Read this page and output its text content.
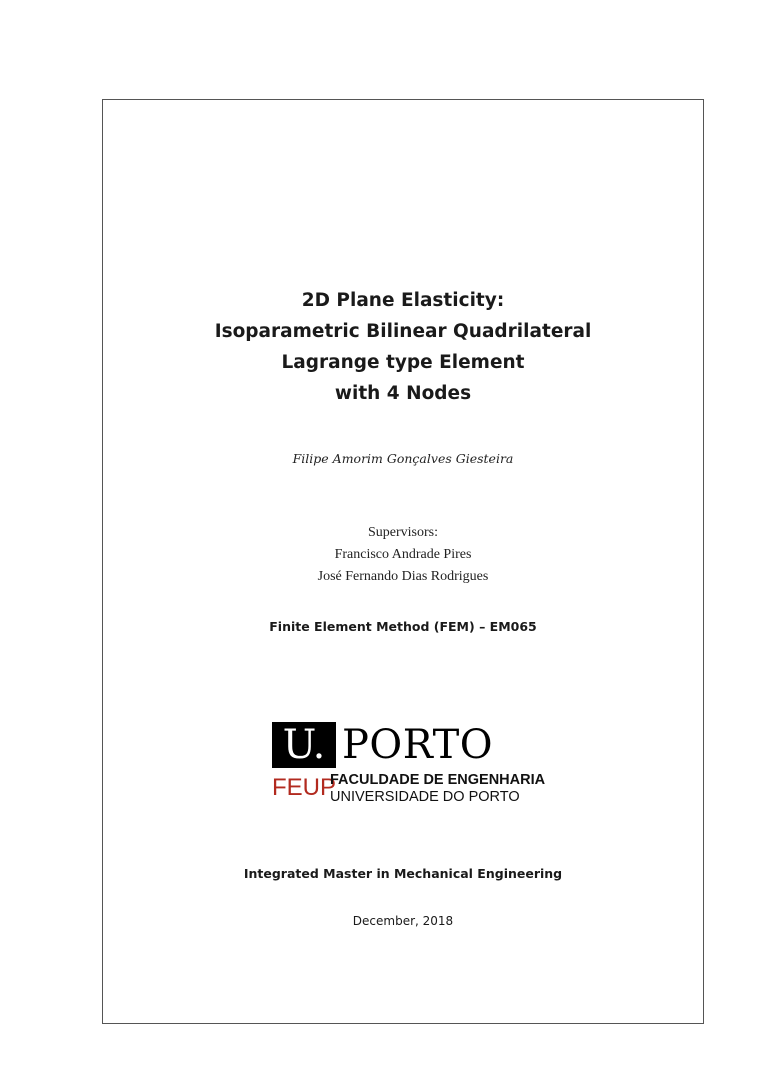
2D Plane Elasticity:
Isoparametric Bilinear Quadrilateral
Lagrange type Element
with 4 Nodes
Filipe Amorim Gonçalves Giesteira
Supervisors:
Francisco Andrade Pires
José Fernando Dias Rodrigues
Finite Element Method (FEM) – EM065
U. PORTO
FEUP
FACULDADE DE ENGENHARIA
UNIVERSIDADE DO PORTO
Integrated Master in Mechanical Engineering
December, 2018
